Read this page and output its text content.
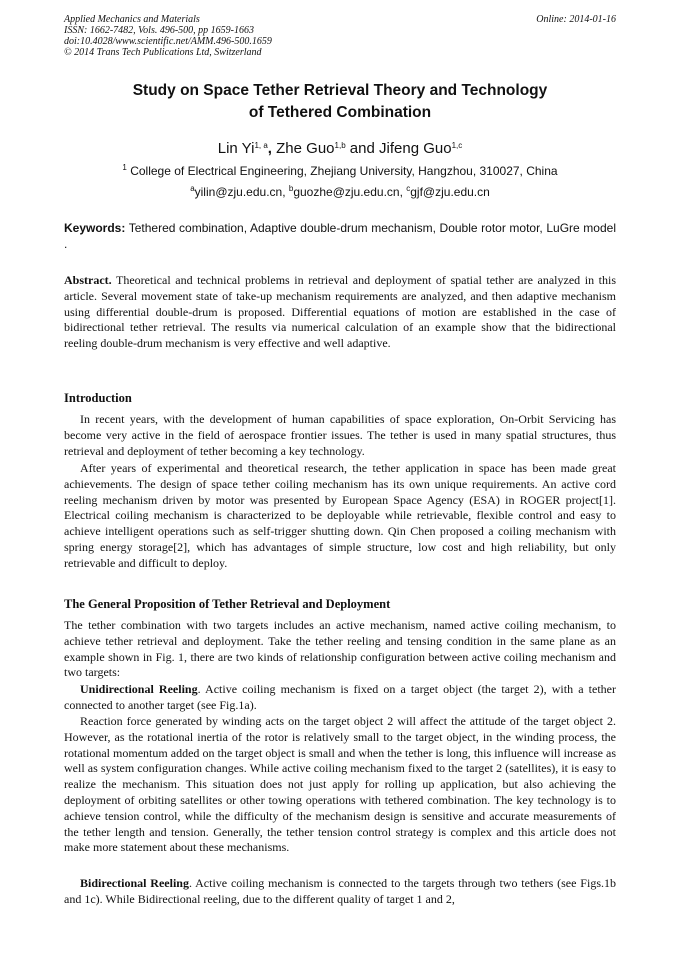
Applied Mechanics and Materials
ISSN: 1662-7482, Vols. 496-500, pp 1659-1663
doi:10.4028/www.scientific.net/AMM.496-500.1659
© 2014 Trans Tech Publications Ltd, Switzerland
Online: 2014-01-16
Study on Space Tether Retrieval Theory and Technology
of Tethered Combination
Lin Yi$^{1, a}$, Zhe Guo$^{1,b}$ and Jifeng Guo$^{1,c}$
$^1$ College of Electrical Engineering, Zhejiang University, Hangzhou, 310027, China
$^a$yilin@zju.edu.cn, $^b$guozhe@zju.edu.cn, $^c$gjf@zju.edu.cn
Keywords: Tethered combination, Adaptive double-drum mechanism, Double rotor motor, LuGre model .
Abstract. Theoretical and technical problems in retrieval and deployment of spatial tether are analyzed in this article. Several movement state of take-up mechanism requirements are analyzed, and then adaptive mechanism using differential double-drum is proposed. Differential equations of motion are established in the case of bidirectional tether retrieval. The results via numerical calculation of an example show that the bidirectional reeling double-drum mechanism is very effective and well adaptive.
Introduction
In recent years, with the development of human capabilities of space exploration, On-Orbit Servicing has become very active in the field of aerospace frontier issues. The tether is used in many spatial structures, thus retrieval and deployment of tether becoming a key technology.
After years of experimental and theoretical research, the tether application in space has been made great achievements. The design of space tether coiling mechanism has its own unique requirements. An active cord reeling mechanism driven by motor was presented by European Space Agency (ESA) in ROGER project[1]. Electrical coiling mechanism is characterized to be deployable while retrievable, flexible control and easy to achieve intelligent operations such as self-trigger shutting down. Qin Chen proposed a coiling mechanism with spring energy storage[2], which has advantages of simple structure, low cost and high reliability, but only retrievable and difficult to deploy.
The General Proposition of Tether Retrieval and Deployment
The tether combination with two targets includes an active mechanism, named active coiling mechanism, to achieve tether retrieval and deployment. Take the tether reeling and tensing condition in the same plane as an example shown in Fig. 1, there are two kinds of relationship configuration between active coiling mechanism and two targets:
Unidirectional Reeling. Active coiling mechanism is fixed on a target object (the target 2), with a tether connected to another target (see Fig.1a).
Reaction force generated by winding acts on the target object 2 will affect the attitude of the target object 2. However, as the rotational inertia of the rotor is relatively small to the target object, in the winding process, the rotational momentum added on the target object is small and when the tether is long, this influence will increase as well as system configuration changes. While active coiling mechanism fixed to the target 2 (satellites), it is easy to realize the mechanism. This situation does not just apply for rolling up application, but also achieving the deployment of orbiting satellites or other towing operations with tethered combination. The key technology is to achieve tension control, while the difficulty of the mechanism design is sensitive and accurate measurements of the tether length and tension. Generally, the tether tension control strategy is complex and this article does not make more statement about these mechanisms.
Bidirectional Reeling. Active coiling mechanism is connected to the targets through two tethers (see Figs.1b and 1c). While Bidirectional reeling, due to the different quality of target 1 and 2,
